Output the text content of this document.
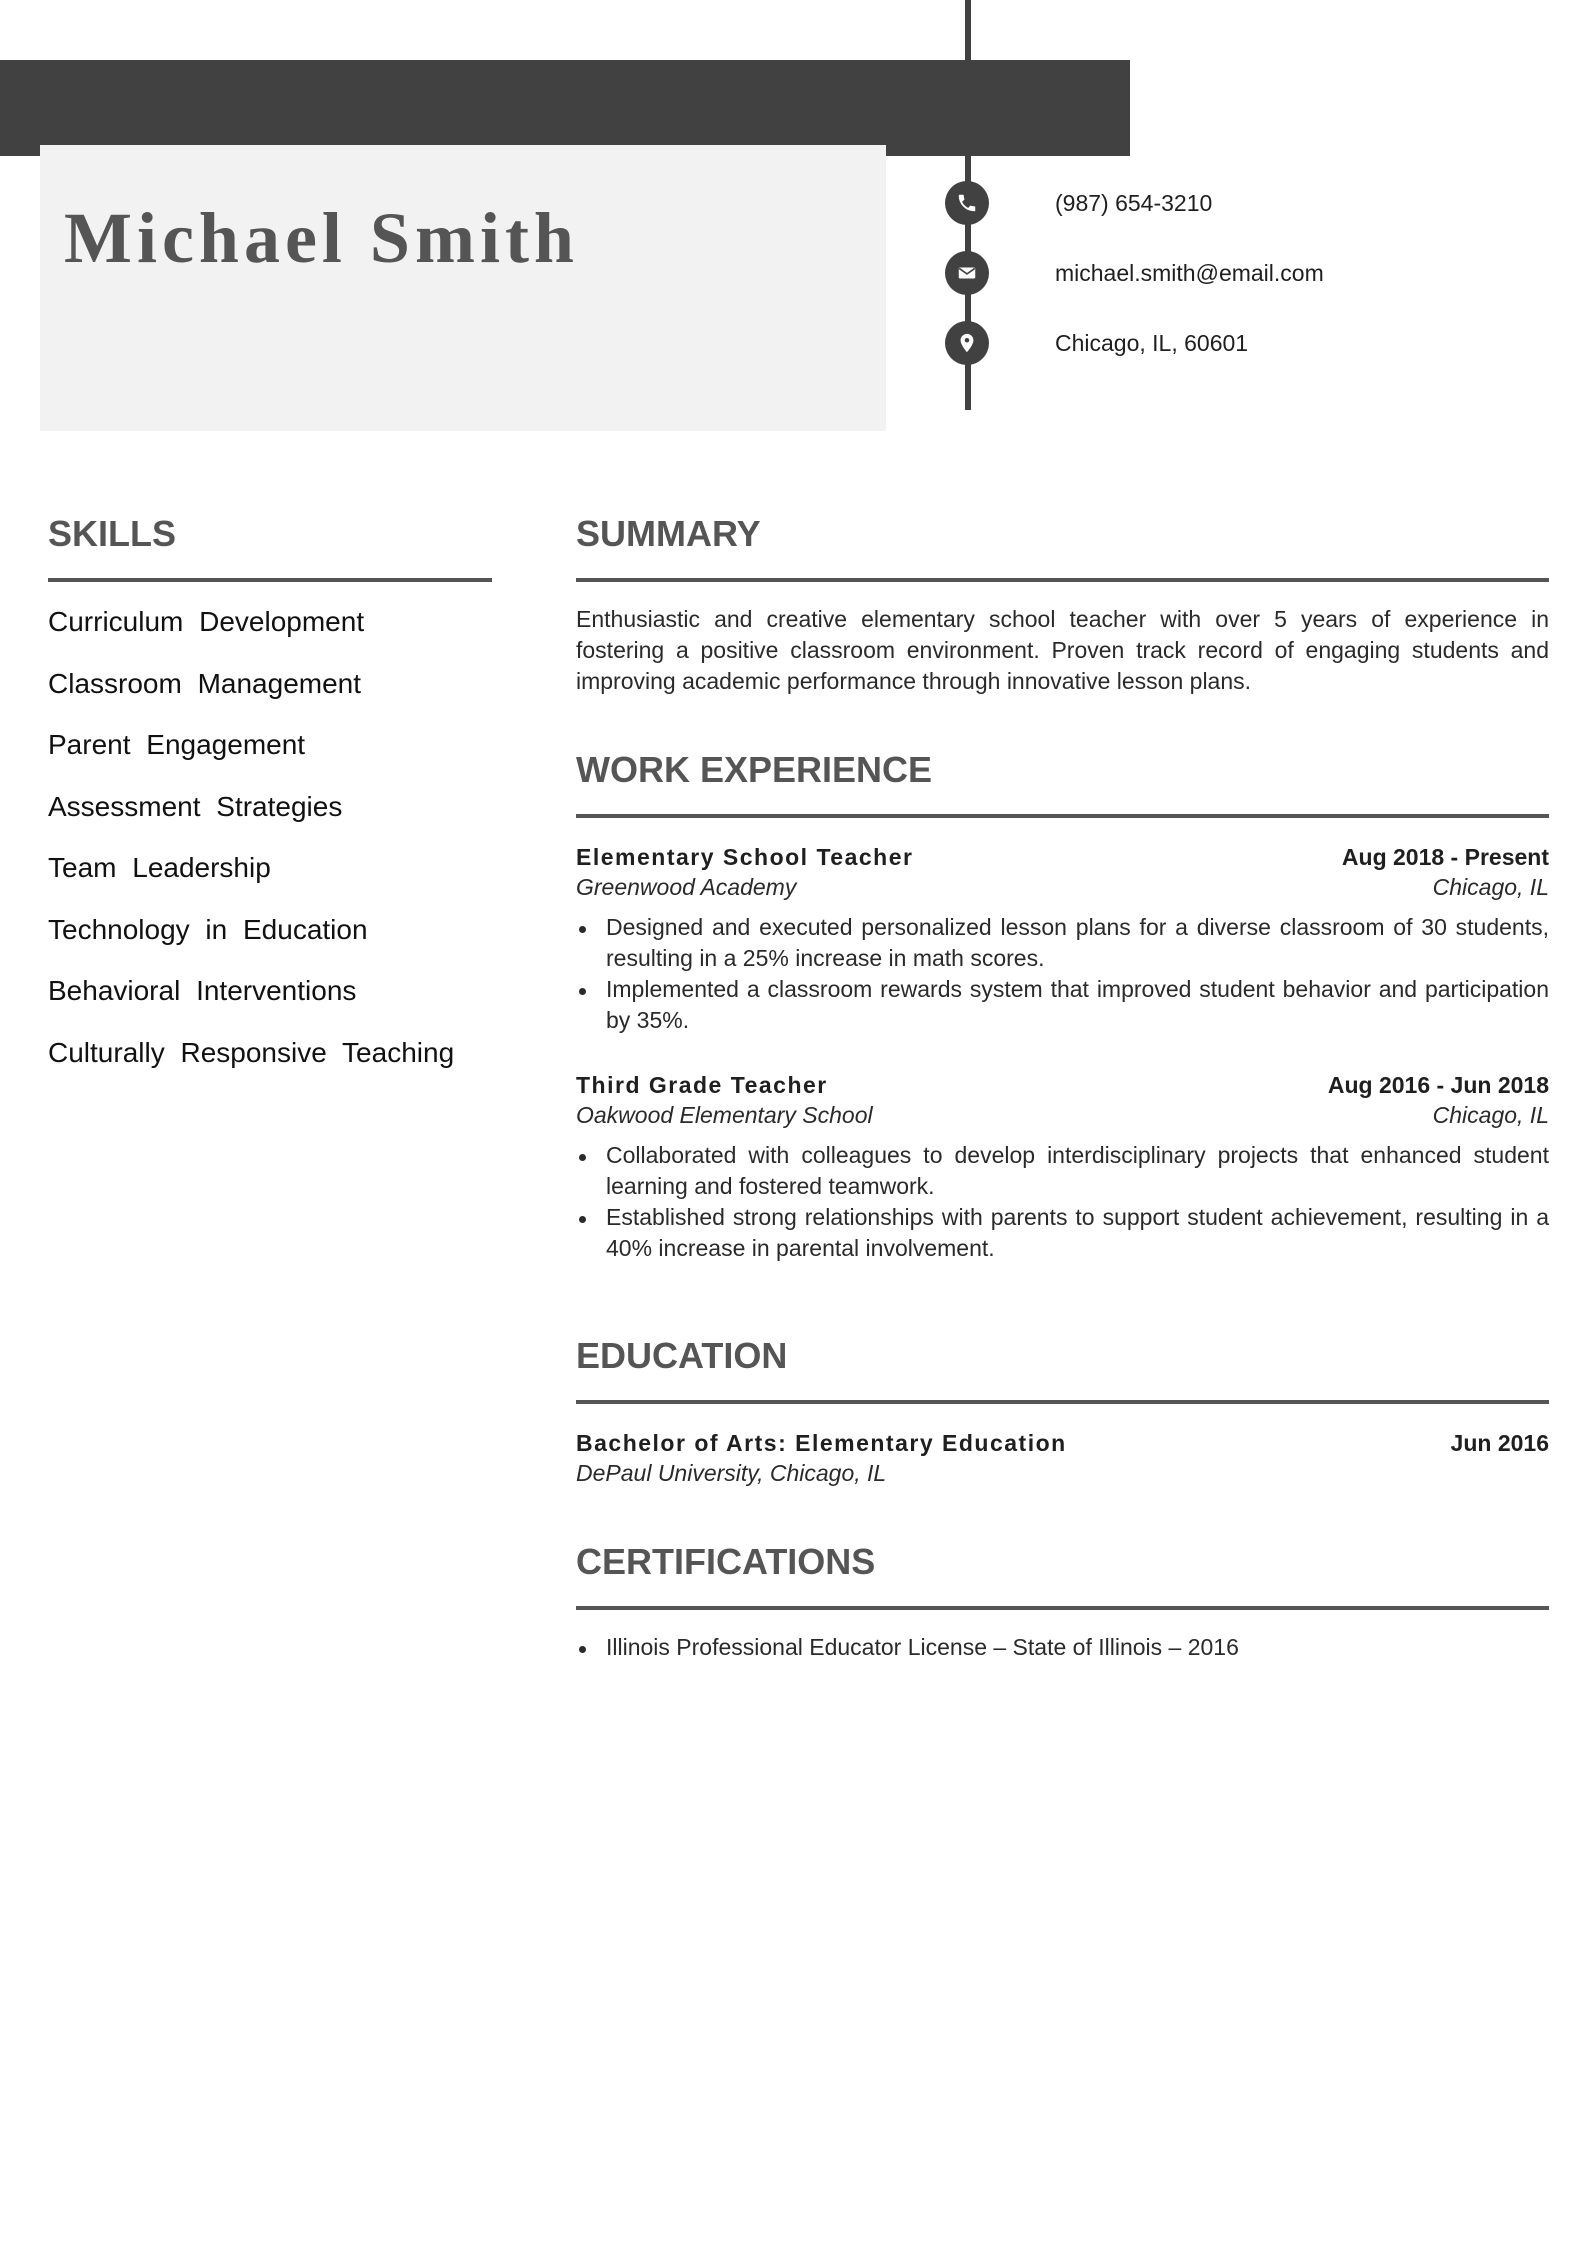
Michael Smith	(987) 654-3210
michael.smith@email.com
Chicago, IL, 60601
SKILLS
Curriculum Development
Classroom Management
Parent Engagement
Assessment Strategies
Team Leadership
Technology in Education
Behavioral Interventions
Culturally Responsive Teaching
SUMMARY

Enthusiastic and creative elementary school teacher with over 5 years of experience in fostering a positive classroom environment. Proven track record of engaging students and improving academic performance through innovative lesson plans.

WORK EXPERIENCE
Elementary School Teacher	Aug 2018 - Present
Greenwood Academy	Chicago, IL
Designed and executed personalized lesson plans for a diverse classroom of 30 students, resulting in a 25% increase in math scores.
Implemented a classroom rewards system that improved student behavior and participation by 35%.
Third Grade Teacher	Aug 2016 - Jun 2018
Oakwood Elementary School	Chicago, IL
Collaborated with colleagues to develop interdisciplinary projects that enhanced student learning and fostered teamwork.
Established strong relationships with parents to support student achievement, resulting in a 40% increase in parental involvement.
EDUCATION
Bachelor of Arts: Elementary Education	Jun 2016
DePaul University, Chicago, IL
CERTIFICATIONS
Illinois Professional Educator License – State of Illinois – 2016
